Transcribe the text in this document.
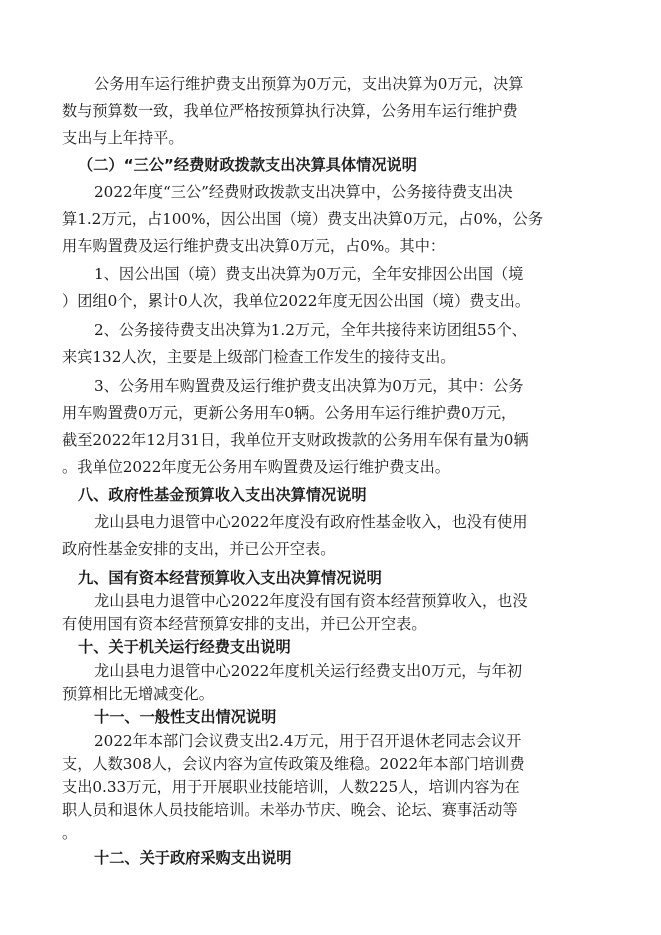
公务用车运行维护费支出预算为0万元，支出决算为0万元，决算
数与预算数一致，我单位严格按预算执行决算，公务用车运行维护费
支出与上年持平。
（二）“三公”经费财政拨款支出决算具体情况说明
2022年度“三公”经费财政拨款支出决算中，公务接待费支出决
算1.2万元，占100%，因公出国（境）费支出决算0万元，占0%，公务
用车购置费及运行维护费支出决算0万元，占0%。其中：
1、因公出国（境）费支出决算为0万元，全年安排因公出国（境
）团组0个，累计0人次，我单位2022年度无因公出国（境）费支出。
2、公务接待费支出决算为1.2万元，全年共接待来访团组55个、
来宾132人次，主要是上级部门检查工作发生的接待支出。
3、公务用车购置费及运行维护费支出决算为0万元，其中：公务
用车购置费0万元，更新公务用车0辆。公务用车运行维护费0万元，
截至2022年12月31日，我单位开支财政拨款的公务用车保有量为0辆
。我单位2022年度无公务用车购置费及运行维护费支出。
八、政府性基金预算收入支出决算情况说明
龙山县电力退管中心2022年度没有政府性基金收入，也没有使用
政府性基金安排的支出，并已公开空表。
九、国有资本经营预算收入支出决算情况说明
龙山县电力退管中心2022年度没有国有资本经营预算收入，也没
有使用国有资本经营预算安排的支出，并已公开空表。
十、关于机关运行经费支出说明
龙山县电力退管中心2022年度机关运行经费支出0万元，与年初
预算相比无增减变化。
十一、一般性支出情况说明
2022年本部门会议费支出2.4万元，用于召开退休老同志会议开
支，人数308人，会议内容为宣传政策及维稳。2022年本部门培训费
支出0.33万元，用于开展职业技能培训，人数225人，培训内容为在
职人员和退休人员技能培训。未举办节庆、晚会、论坛、赛事活动等
。
十二、关于政府采购支出说明
